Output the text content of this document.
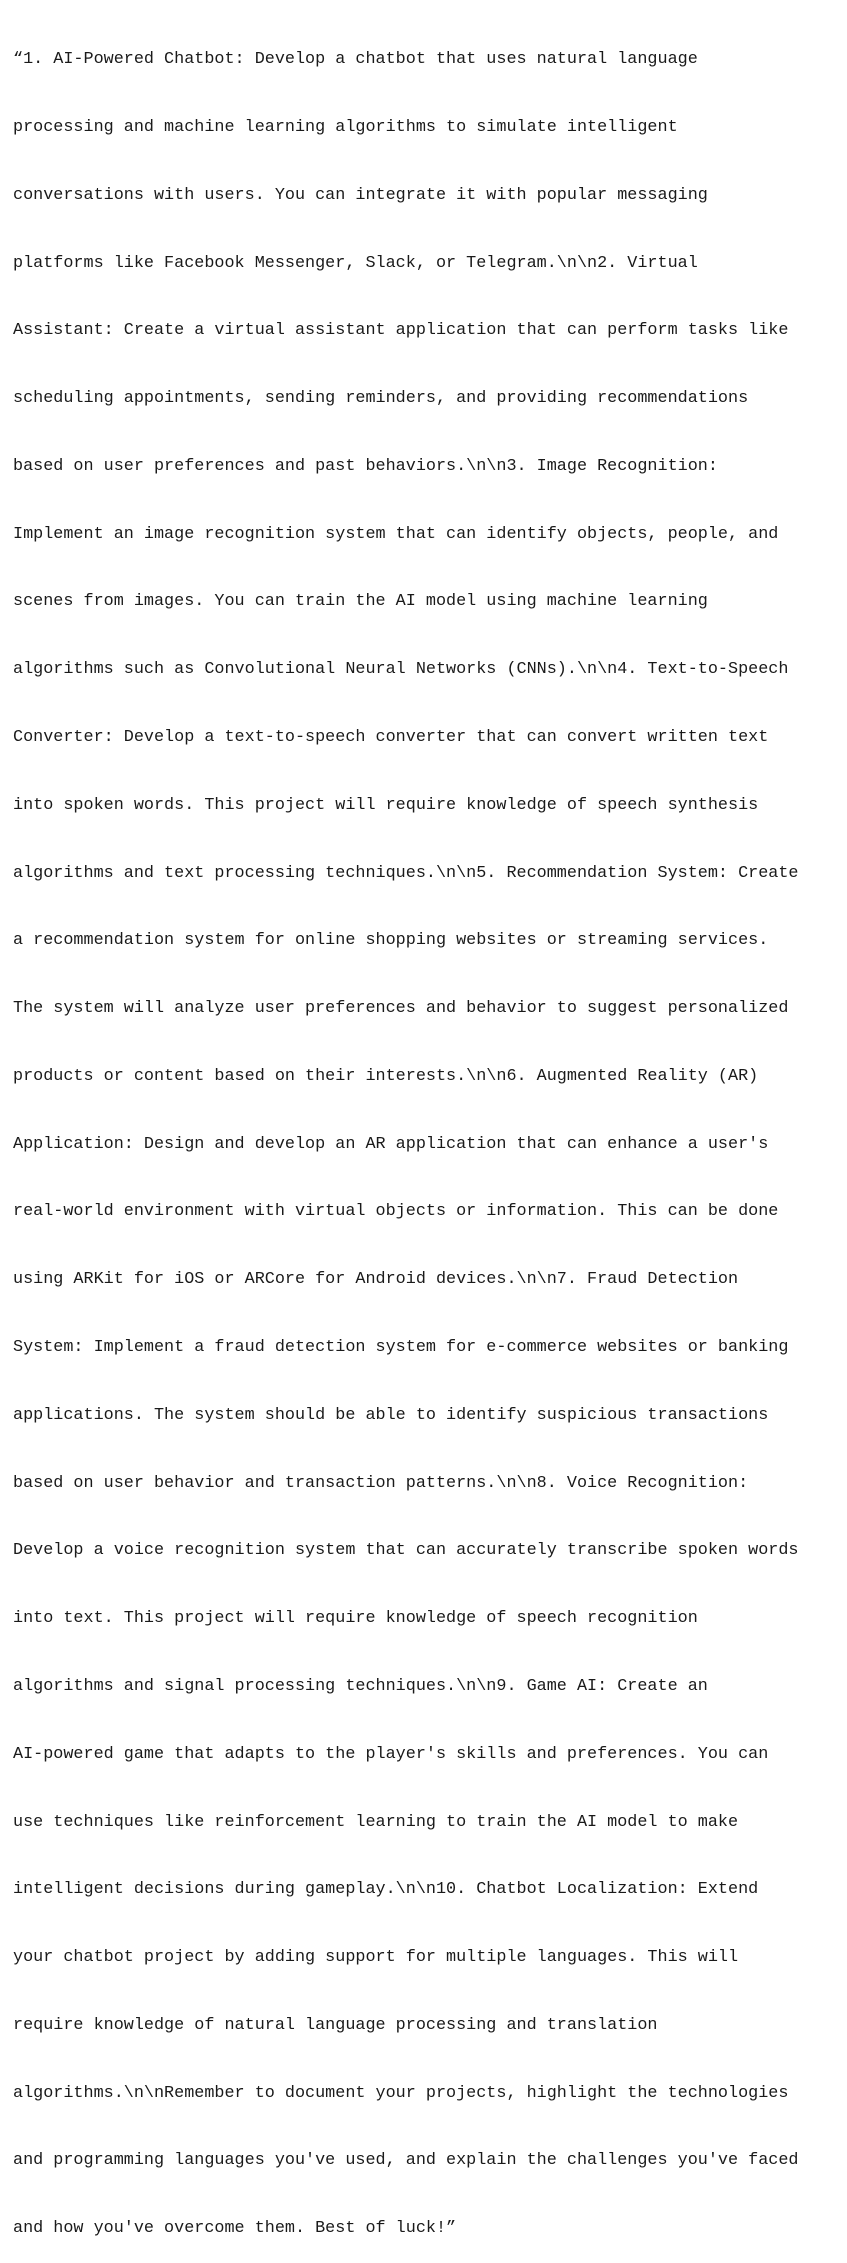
“1. AI-Powered Chatbot: Develop a chatbot that uses natural language

processing and machine learning algorithms to simulate intelligent

conversations with users. You can integrate it with popular messaging

platforms like Facebook Messenger, Slack, or Telegram.\n\n2. Virtual

Assistant: Create a virtual assistant application that can perform tasks like

scheduling appointments, sending reminders, and providing recommendations

based on user preferences and past behaviors.\n\n3. Image Recognition:

Implement an image recognition system that can identify objects, people, and

scenes from images. You can train the AI model using machine learning

algorithms such as Convolutional Neural Networks (CNNs).\n\n4. Text-to-Speech

Converter: Develop a text-to-speech converter that can convert written text

into spoken words. This project will require knowledge of speech synthesis

algorithms and text processing techniques.\n\n5. Recommendation System: Create

a recommendation system for online shopping websites or streaming services.

The system will analyze user preferences and behavior to suggest personalized

products or content based on their interests.\n\n6. Augmented Reality (AR)

Application: Design and develop an AR application that can enhance a user's

real-world environment with virtual objects or information. This can be done

using ARKit for iOS or ARCore for Android devices.\n\n7. Fraud Detection

System: Implement a fraud detection system for e-commerce websites or banking

applications. The system should be able to identify suspicious transactions

based on user behavior and transaction patterns.\n\n8. Voice Recognition:

Develop a voice recognition system that can accurately transcribe spoken words

into text. This project will require knowledge of speech recognition

algorithms and signal processing techniques.\n\n9. Game AI: Create an

AI-powered game that adapts to the player's skills and preferences. You can

use techniques like reinforcement learning to train the AI model to make

intelligent decisions during gameplay.\n\n10. Chatbot Localization: Extend

your chatbot project by adding support for multiple languages. This will

require knowledge of natural language processing and translation

algorithms.\n\nRemember to document your projects, highlight the technologies

and programming languages you've used, and explain the challenges you've faced

and how you've overcome them. Best of luck!”
